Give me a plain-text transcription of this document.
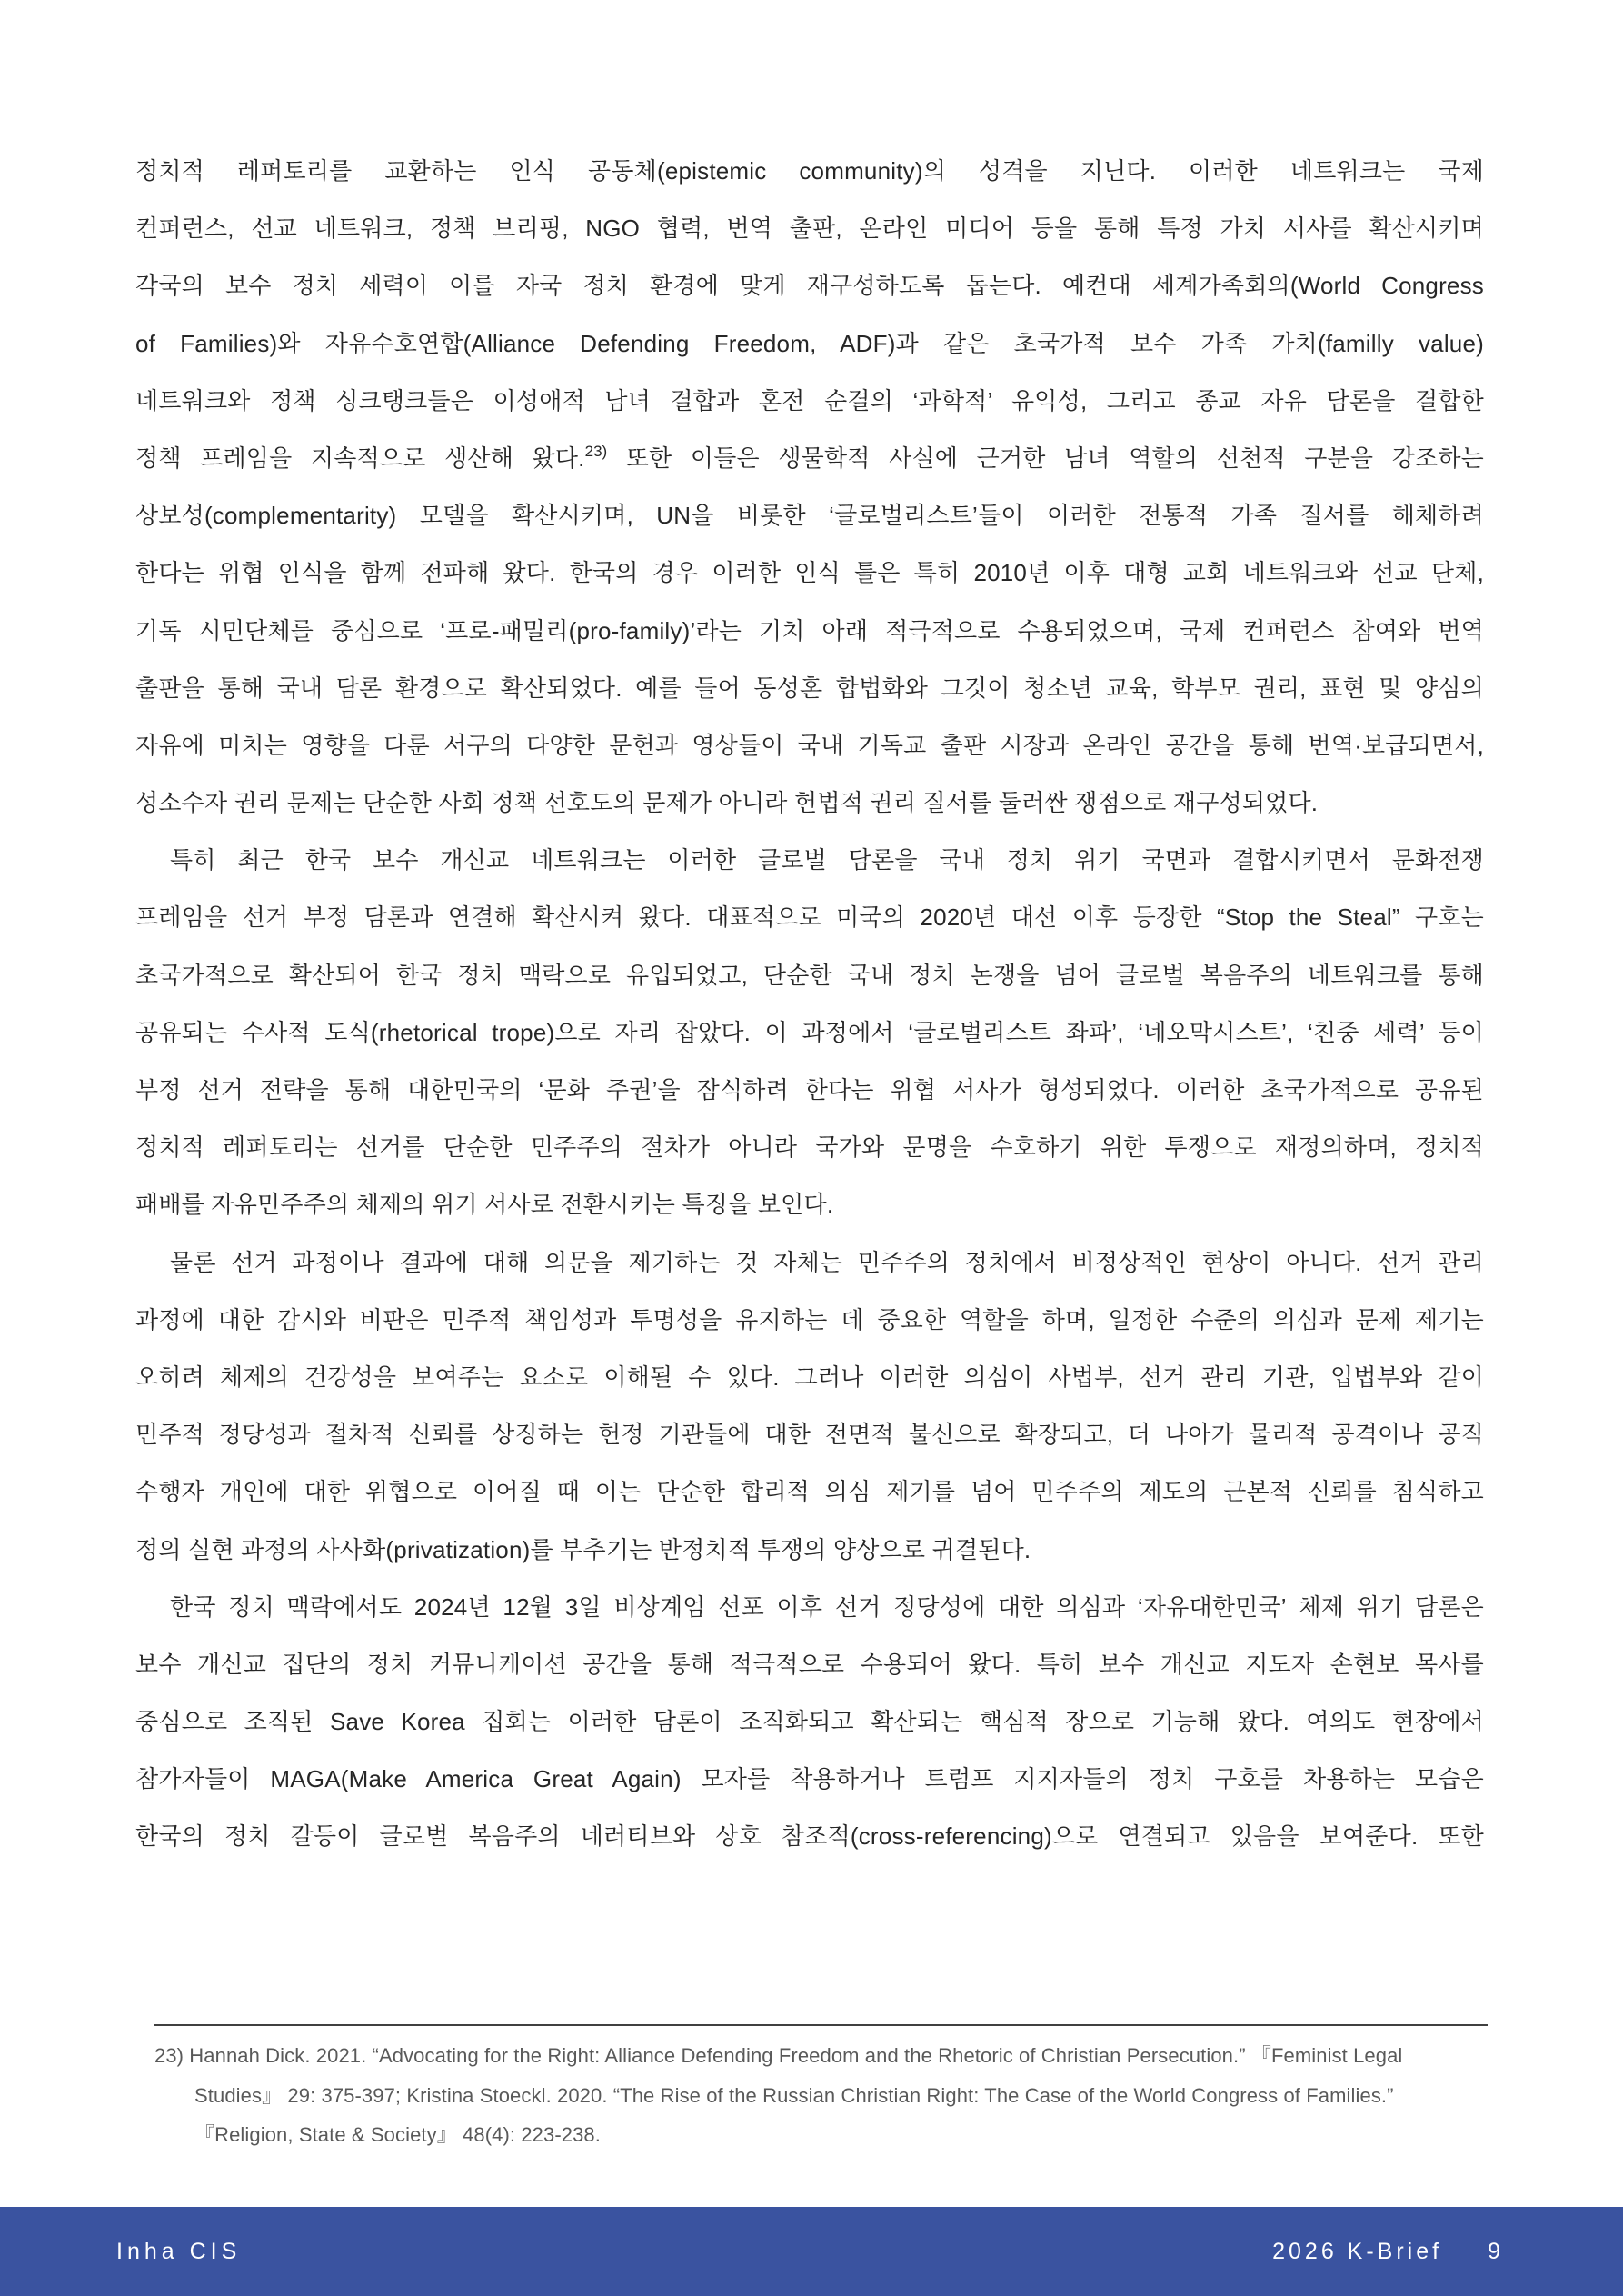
정치적 레퍼토리를 교환하는 인식 공동체(epistemic community)의 성격을 지닌다. 이러한 네트워크는 국제
컨퍼런스, 선교 네트워크, 정책 브리핑, NGO 협력, 번역 출판, 온라인 미디어 등을 통해 특정 가치 서사를 확산시키며
각국의 보수 정치 세력이 이를 자국 정치 환경에 맞게 재구성하도록 돕는다. 예컨대 세계가족회의(World Congress
of Families)와 자유수호연합(Alliance Defending Freedom, ADF)과 같은 초국가적 보수 가족 가치(familly value)
네트워크와 정책 싱크탱크들은 이성애적 남녀 결합과 혼전 순결의 ‘과학적’ 유익성, 그리고 종교 자유 담론을 결합한
정책 프레임을 지속적으로 생산해 왔다.$^{23)}$ 또한 이들은 생물학적 사실에 근거한 남녀 역할의 선천적 구분을 강조하는
상보성(complementarity) 모델을 확산시키며, UN을 비롯한 ‘글로벌리스트’들이 이러한 전통적 가족 질서를 해체하려
한다는 위협 인식을 함께 전파해 왔다. 한국의 경우 이러한 인식 틀은 특히 2010년 이후 대형 교회 네트워크와 선교 단체,
기독 시민단체를 중심으로 ‘프로-패밀리(pro-family)’라는 기치 아래 적극적으로 수용되었으며, 국제 컨퍼런스 참여와 번역
출판을 통해 국내 담론 환경으로 확산되었다. 예를 들어 동성혼 합법화와 그것이 청소년 교육, 학부모 권리, 표현 및 양심의
자유에 미치는 영향을 다룬 서구의 다양한 문헌과 영상들이 국내 기독교 출판 시장과 온라인 공간을 통해 번역·보급되면서,
성소수자 권리 문제는 단순한 사회 정책 선호도의 문제가 아니라 헌법적 권리 질서를 둘러싼 쟁점으로 재구성되었다.
특히 최근 한국 보수 개신교 네트워크는 이러한 글로벌 담론을 국내 정치 위기 국면과 결합시키면서 문화전쟁
프레임을 선거 부정 담론과 연결해 확산시켜 왔다. 대표적으로 미국의 2020년 대선 이후 등장한 “Stop the Steal” 구호는
초국가적으로 확산되어 한국 정치 맥락으로 유입되었고, 단순한 국내 정치 논쟁을 넘어 글로벌 복음주의 네트워크를 통해
공유되는 수사적 도식(rhetorical trope)으로 자리 잡았다. 이 과정에서 ‘글로벌리스트 좌파’, ‘네오막시스트’, ‘친중 세력’ 등이
부정 선거 전략을 통해 대한민국의 ‘문화 주권’을 잠식하려 한다는 위협 서사가 형성되었다. 이러한 초국가적으로 공유된
정치적 레퍼토리는 선거를 단순한 민주주의 절차가 아니라 국가와 문명을 수호하기 위한 투쟁으로 재정의하며, 정치적
패배를 자유민주주의 체제의 위기 서사로 전환시키는 특징을 보인다.
물론 선거 과정이나 결과에 대해 의문을 제기하는 것 자체는 민주주의 정치에서 비정상적인 현상이 아니다. 선거 관리
과정에 대한 감시와 비판은 민주적 책임성과 투명성을 유지하는 데 중요한 역할을 하며, 일정한 수준의 의심과 문제 제기는
오히려 체제의 건강성을 보여주는 요소로 이해될 수 있다. 그러나 이러한 의심이 사법부, 선거 관리 기관, 입법부와 같이
민주적 정당성과 절차적 신뢰를 상징하는 헌정 기관들에 대한 전면적 불신으로 확장되고, 더 나아가 물리적 공격이나 공직
수행자 개인에 대한 위협으로 이어질 때 이는 단순한 합리적 의심 제기를 넘어 민주주의 제도의 근본적 신뢰를 침식하고
정의 실현 과정의 사사화(privatization)를 부추기는 반정치적 투쟁의 양상으로 귀결된다.
한국 정치 맥락에서도 2024년 12월 3일 비상계엄 선포 이후 선거 정당성에 대한 의심과 ‘자유대한민국’ 체제 위기 담론은
보수 개신교 집단의 정치 커뮤니케이션 공간을 통해 적극적으로 수용되어 왔다. 특히 보수 개신교 지도자 손현보 목사를
중심으로 조직된 Save Korea 집회는 이러한 담론이 조직화되고 확산되는 핵심적 장으로 기능해 왔다. 여의도 현장에서
참가자들이 MAGA(Make America Great Again) 모자를 착용하거나 트럼프 지지자들의 정치 구호를 차용하는 모습은
한국의 정치 갈등이 글로벌 복음주의 네러티브와 상호 참조적(cross-referencing)으로 연결되고 있음을 보여준다. 또한
23) Hannah Dick. 2021. “Advocating for the Right: Alliance Defending Freedom and the Rhetoric of Christian Persecution.” 『Feminist Legal
Studies』 29: 375-397; Kristina Stoeckl. 2020. “The Rise of the Russian Christian Right: The Case of the World Congress of Families.”
『Religion, State & Society』 48(4): 223-238.
Inha CIS	2026 K-Brief 9
